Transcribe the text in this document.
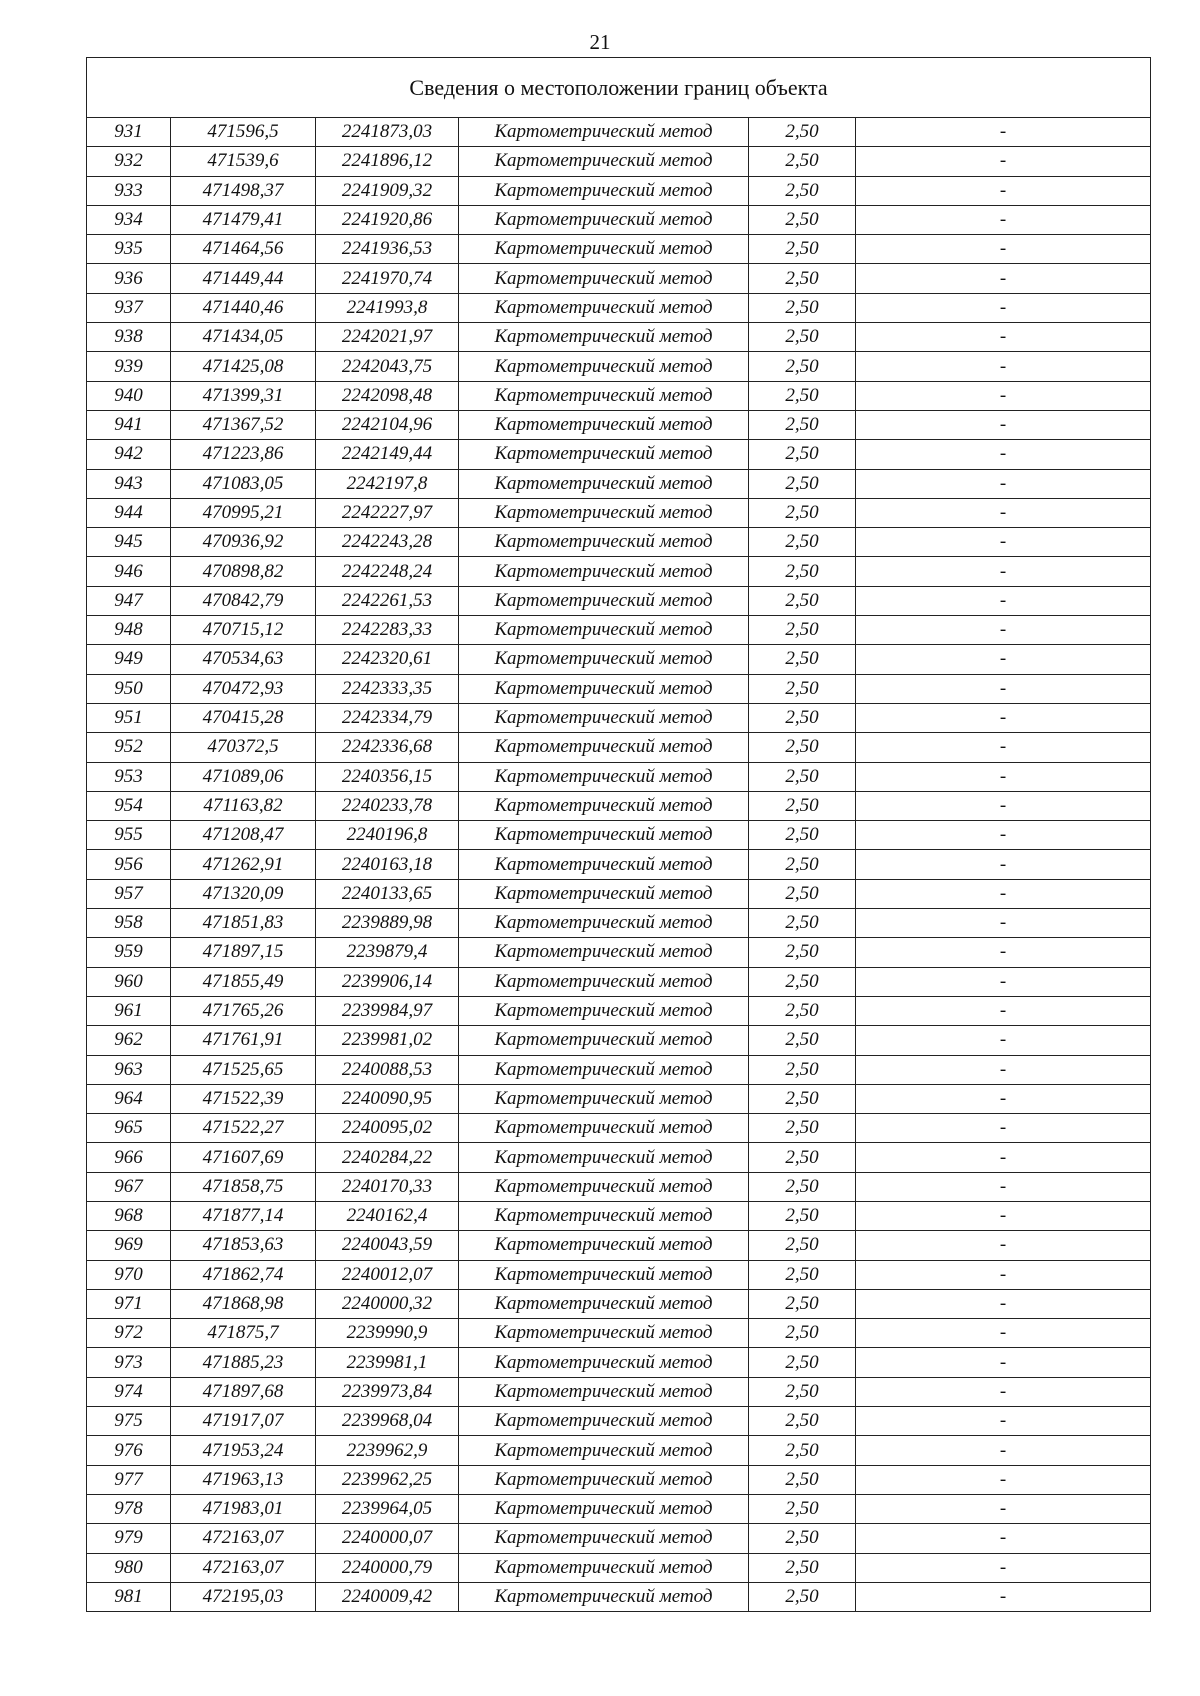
21
Сведения о местоположении границ объекта					
931	471596,5	2241873,03	Картометрический метод	2,50	-
932	471539,6	2241896,12	Картометрический метод	2,50	-
933	471498,37	2241909,32	Картометрический метод	2,50	-
934	471479,41	2241920,86	Картометрический метод	2,50	-
935	471464,56	2241936,53	Картометрический метод	2,50	-
936	471449,44	2241970,74	Картометрический метод	2,50	-
937	471440,46	2241993,8	Картометрический метод	2,50	-
938	471434,05	2242021,97	Картометрический метод	2,50	-
939	471425,08	2242043,75	Картометрический метод	2,50	-
940	471399,31	2242098,48	Картометрический метод	2,50	-
941	471367,52	2242104,96	Картометрический метод	2,50	-
942	471223,86	2242149,44	Картометрический метод	2,50	-
943	471083,05	2242197,8	Картометрический метод	2,50	-
944	470995,21	2242227,97	Картометрический метод	2,50	-
945	470936,92	2242243,28	Картометрический метод	2,50	-
946	470898,82	2242248,24	Картометрический метод	2,50	-
947	470842,79	2242261,53	Картометрический метод	2,50	-
948	470715,12	2242283,33	Картометрический метод	2,50	-
949	470534,63	2242320,61	Картометрический метод	2,50	-
950	470472,93	2242333,35	Картометрический метод	2,50	-
951	470415,28	2242334,79	Картометрический метод	2,50	-
952	470372,5	2242336,68	Картометрический метод	2,50	-
953	471089,06	2240356,15	Картометрический метод	2,50	-
954	471163,82	2240233,78	Картометрический метод	2,50	-
955	471208,47	2240196,8	Картометрический метод	2,50	-
956	471262,91	2240163,18	Картометрический метод	2,50	-
957	471320,09	2240133,65	Картометрический метод	2,50	-
958	471851,83	2239889,98	Картометрический метод	2,50	-
959	471897,15	2239879,4	Картометрический метод	2,50	-
960	471855,49	2239906,14	Картометрический метод	2,50	-
961	471765,26	2239984,97	Картометрический метод	2,50	-
962	471761,91	2239981,02	Картометрический метод	2,50	-
963	471525,65	2240088,53	Картометрический метод	2,50	-
964	471522,39	2240090,95	Картометрический метод	2,50	-
965	471522,27	2240095,02	Картометрический метод	2,50	-
966	471607,69	2240284,22	Картометрический метод	2,50	-
967	471858,75	2240170,33	Картометрический метод	2,50	-
968	471877,14	2240162,4	Картометрический метод	2,50	-
969	471853,63	2240043,59	Картометрический метод	2,50	-
970	471862,74	2240012,07	Картометрический метод	2,50	-
971	471868,98	2240000,32	Картометрический метод	2,50	-
972	471875,7	2239990,9	Картометрический метод	2,50	-
973	471885,23	2239981,1	Картометрический метод	2,50	-
974	471897,68	2239973,84	Картометрический метод	2,50	-
975	471917,07	2239968,04	Картометрический метод	2,50	-
976	471953,24	2239962,9	Картометрический метод	2,50	-
977	471963,13	2239962,25	Картометрический метод	2,50	-
978	471983,01	2239964,05	Картометрический метод	2,50	-
979	472163,07	2240000,07	Картометрический метод	2,50	-
980	472163,07	2240000,79	Картометрический метод	2,50	-
981	472195,03	2240009,42	Картометрический метод	2,50	-
